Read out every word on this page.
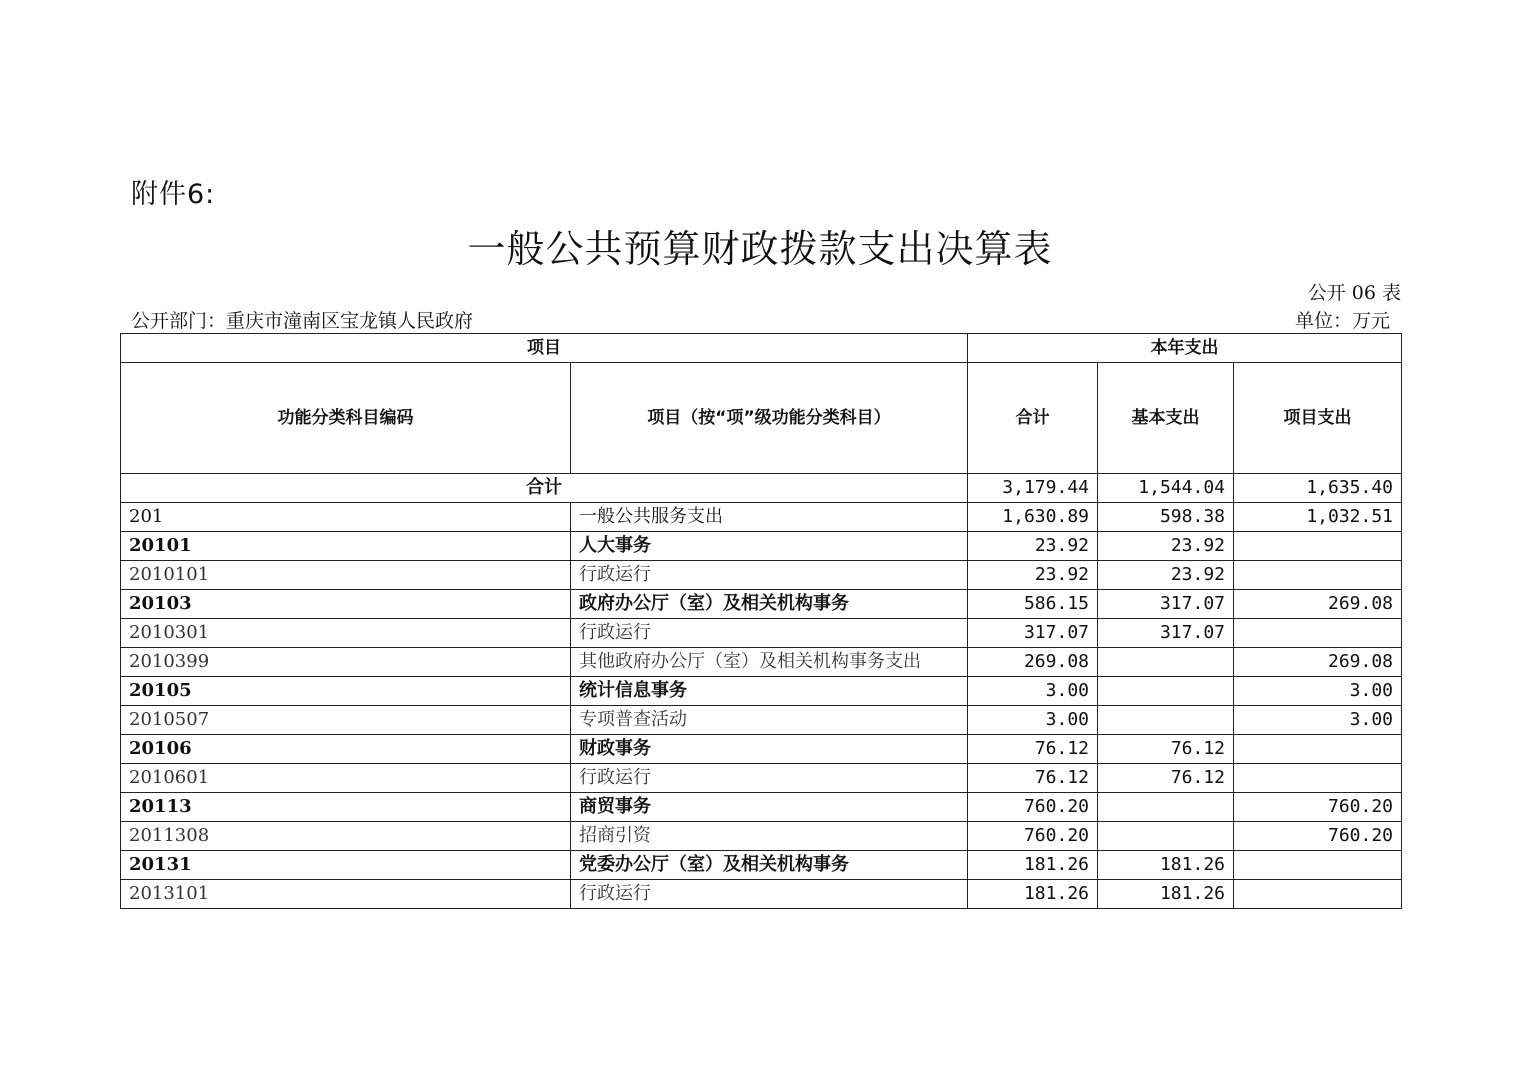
附件6:
一般公共预算财政拨款支出决算表
公开 06 表
公开部门：重庆市潼南区宝龙镇人民政府	单位：万元
项目		本年支出		
功能分类科目编码	项目（按“项”级功能分类科目）	合计	基本支出	项目支出
合计		3,179.44	1,544.04	1,635.40
201	一般公共服务支出	1,630.89	598.38	1,032.51
20101	人大事务	23.92	23.92	
2010101	行政运行	23.92	23.92	
20103	政府办公厅（室）及相关机构事务	586.15	317.07	269.08
2010301	行政运行	317.07	317.07	
2010399	其他政府办公厅（室）及相关机构事务支出	269.08		269.08
20105	统计信息事务	3.00		3.00
2010507	专项普查活动	3.00		3.00
20106	财政事务	76.12	76.12	
2010601	行政运行	76.12	76.12	
20113	商贸事务	760.20		760.20
2011308	招商引资	760.20		760.20
20131	党委办公厅（室）及相关机构事务	181.26	181.26	
2013101	行政运行	181.26	181.26	
